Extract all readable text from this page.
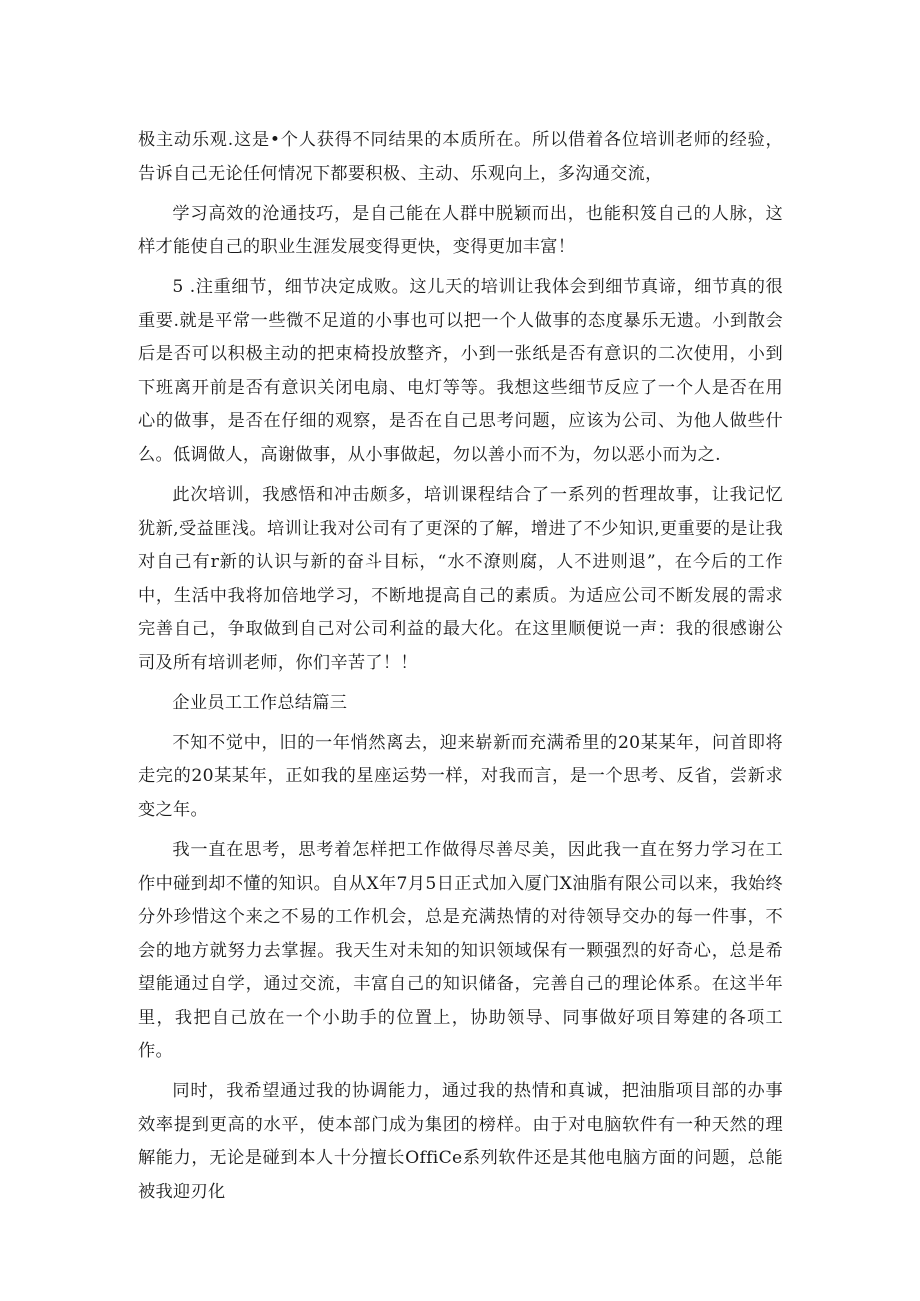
极主动乐观.这是•个人获得不同结果的本质所在。所以借着各位培训老师的经验，告诉自己无论任何情况下都要积极、主动、乐观向上，多沟通交流，

学习高效的沧通技巧，是自己能在人群中脱颖而出，也能积笈自己的人脉，这样才能使自己的职业生涯发展变得更快，变得更加丰富！

5 .注重细节，细节决定成败。这儿天的培训让我体会到细节真谛，细节真的很重要.就是平常一些微不足道的小事也可以把一个人做事的态度暴乐无遗。小到散会后是否可以积极主动的把束椅投放整齐，小到一张纸是否有意识的二次使用，小到下班离开前是否有意识关闭电扇、电灯等等。我想这些细节反应了一个人是否在用心的做事，是否在仔细的观察，是否在自己思考问题，应该为公司、为他人做些什么。低调做人，高谢做事，从小事做起，勿以善小而不为，勿以恶小而为之.

此次培训，我感悟和冲击颇多，培训课程结合了一系列的哲理故事，让我记忆犹新,受益匪浅。培训让我对公司有了更深的了解，增进了不少知识,更重要的是让我对自己有r新的认识与新的奋斗目标，“水不潦则腐，人不进则退”，在今后的工作中，生活中我将加倍地学习，不断地提高自己的素质。为适应公司不断发展的需求完善自己，争取做到自己对公司利益的最大化。在这里顺便说一声：我的很感谢公司及所有培训老师，你们辛苦了！！

企业员工工作总结篇三

不知不觉中，旧的一年悄然离去，迎来崭新而充满希里的20某某年，问首即将走完的20某某年，正如我的星座运势一样，对我而言，是一个思考、反省，尝新求变之年。

我一直在思考，思考着怎样把工作做得尽善尽美，因此我一直在努力学习在工作中碰到却不懂的知识。自从X年7月5日正式加入厦门X油脂有限公司以来，我始终分外珍惜这个来之不易的工作机会，总是充满热情的对待领导交办的每一件事，不会的地方就努力去掌握。我天生对未知的知识领域保有一颗强烈的好奇心，总是希望能通过自学，通过交流，丰富自己的知识储备，完善自己的理论体系。在这半年里，我把自己放在一个小助手的位置上，协助领导、同事做好项目筹建的各项工作。

同时，我希望通过我的协调能力，通过我的热情和真诚，把油脂项目部的办事效率提到更高的水平，使本部门成为集团的榜样。由于对电脑软件有一种天然的理解能力，无论是碰到本人十分擅长OffiCe系列软件还是其他电脑方面的问题，总能被我迎刃化
